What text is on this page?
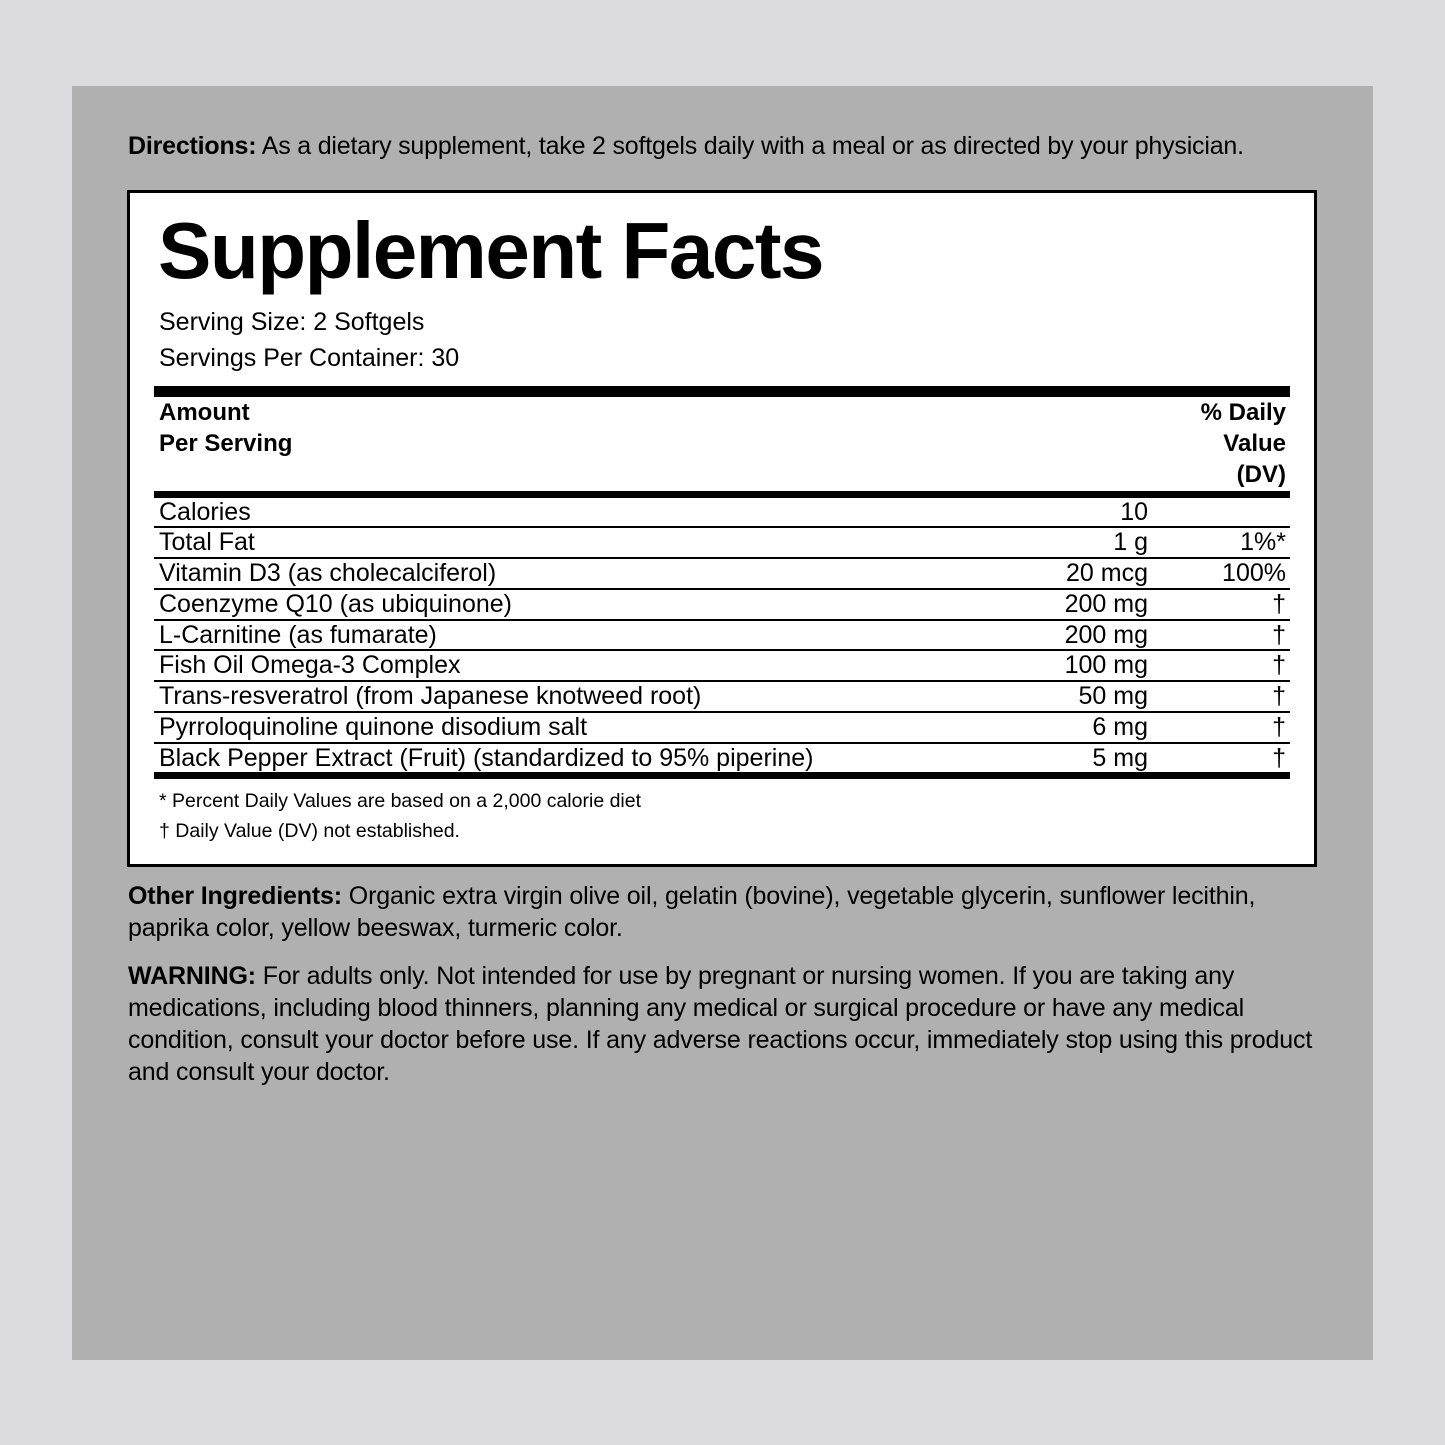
Directions: As a dietary supplement, take 2 softgels daily with a meal or as directed by your physician.
Supplement Facts
Serving Size: 2 Softgels
Servings Per Container: 30
Amount
Per Serving

% Daily
Value
(DV)
Calories	10	
Total Fat	1 g	1%*
Vitamin D3 (as cholecalciferol)	20 mcg	100%
Coenzyme Q10 (as ubiquinone)	200 mg	†
L-Carnitine (as fumarate)	200 mg	†
Fish Oil Omega-3 Complex	100 mg	†
Trans-resveratrol (from Japanese knotweed root)	50 mg	†
Pyrroloquinoline quinone disodium salt	6 mg	†
Black Pepper Extract (Fruit) (standardized to 95% piperine)	5 mg	†
* Percent Daily Values are based on a 2,000 calorie diet
† Daily Value (DV) not established.
Other Ingredients: Organic extra virgin olive oil, gelatin (bovine), vegetable glycerin, sunflower lecithin, paprika color, yellow beeswax, turmeric color.
WARNING: For adults only. Not intended for use by pregnant or nursing women. If you are taking any medications, including blood thinners, planning any medical or surgical procedure or have any medical condition, consult your doctor before use. If any adverse reactions occur, immediately stop using this product and consult your doctor.
